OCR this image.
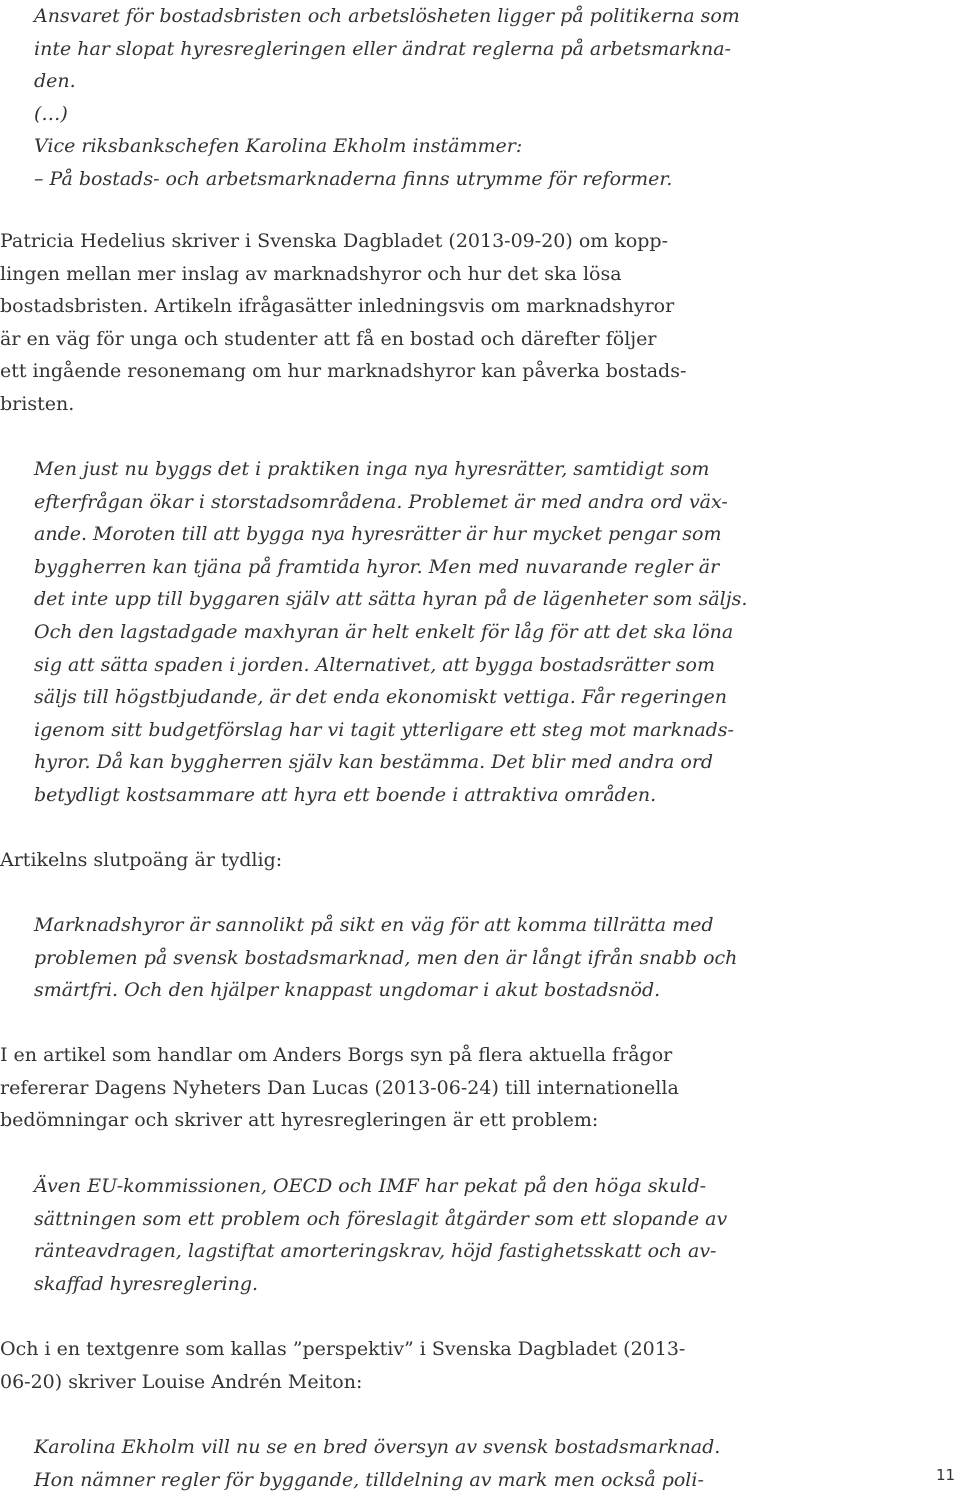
Ansvaret för bostadsbristen och arbetslösheten ligger på politikerna som
inte har slopat hyresregleringen eller ändrat reglerna på arbetsmarkna-
den.
(…)
Vice riksbankschefen Karolina Ekholm instämmer:
– På bostads- och arbetsmarknaderna finns utrymme för reformer.
Patricia Hedelius skriver i Svenska Dagbladet (2013-09-20) om kopp-
lingen mellan mer inslag av marknadshyror och hur det ska lösa
bostadsbristen. Artikeln ifrågasätter inledningsvis om marknadshyror
är en väg för unga och studenter att få en bostad och därefter följer
ett ingående resonemang om hur marknadshyror kan påverka bostads-
bristen.
Men just nu byggs det i praktiken inga nya hyresrätter, samtidigt som
efterfrågan ökar i storstadsområdena. Problemet är med andra ord väx-
ande. Moroten till att bygga nya hyresrätter är hur mycket pengar som
byggherren kan tjäna på framtida hyror. Men med nuvarande regler är
det inte upp till byggaren själv att sätta hyran på de lägenheter som säljs.
Och den lagstadgade maxhyran är helt enkelt för låg för att det ska löna
sig att sätta spaden i jorden. Alternativet, att bygga bostadsrätter som
säljs till högstbjudande, är det enda ekonomiskt vettiga. Får regeringen
igenom sitt budgetförslag har vi tagit ytterligare ett steg mot marknads-
hyror. Då kan byggherren själv kan bestämma. Det blir med andra ord
betydligt kostsammare att hyra ett boende i attraktiva områden.
Artikelns slutpoäng är tydlig:
Marknadshyror är sannolikt på sikt en väg för att komma tillrätta med
problemen på svensk bostadsmarknad, men den är långt ifrån snabb och
smärtfri. Och den hjälper knappast ungdomar i akut bostadsnöd.
I en artikel som handlar om Anders Borgs syn på flera aktuella frågor
refererar Dagens Nyheters Dan Lucas (2013-06-24) till internationella
bedömningar och skriver att hyresregleringen är ett problem:
Även EU-kommissionen, OECD och IMF har pekat på den höga skuld-
sättningen som ett problem och föreslagit åtgärder som ett slopande av
ränteavdragen, lagstiftat amorteringskrav, höjd fastighetsskatt och av-
skaffad hyresreglering.
Och i en textgenre som kallas ”perspektiv” i Svenska Dagbladet (2013-
06-20) skriver Louise Andrén Meiton:
Karolina Ekholm vill nu se en bred översyn av svensk bostadsmarknad.
Hon nämner regler för byggande, tilldelning av mark men också poli-	11
